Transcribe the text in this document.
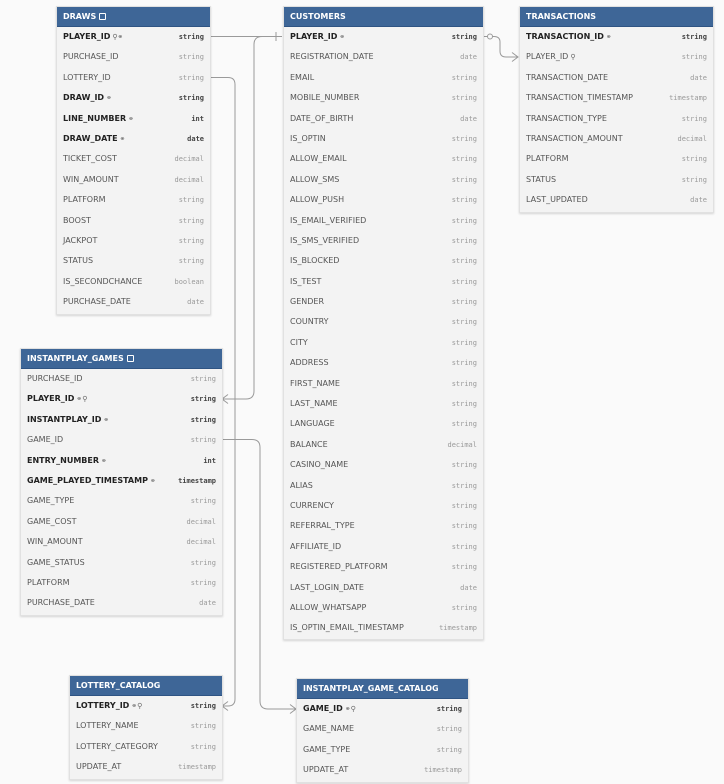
DRAWS
PLAYER_ID ⚲⚭	string
PURCHASE_ID	string
LOTTERY_ID	string
DRAW_ID ⚭	string
LINE_NUMBER ⚭	int
DRAW_DATE ⚭	date
TICKET_COST	decimal
WIN_AMOUNT	decimal
PLATFORM	string
BOOST	string
JACKPOT	string
STATUS	string
IS_SECONDCHANCE	boolean
PURCHASE_DATE	date
CUSTOMERS
PLAYER_ID ⚭	string
REGISTRATION_DATE	date
EMAIL	string
MOBILE_NUMBER	string
DATE_OF_BIRTH	date
IS_OPTIN	string
ALLOW_EMAIL	string
ALLOW_SMS	string
ALLOW_PUSH	string
IS_EMAIL_VERIFIED	string
IS_SMS_VERIFIED	string
IS_BLOCKED	string
IS_TEST	string
GENDER	string
COUNTRY	string
CITY	string
ADDRESS	string
FIRST_NAME	string
LAST_NAME	string
LANGUAGE	string
BALANCE	decimal
CASINO_NAME	string
ALIAS	string
CURRENCY	string
REFERRAL_TYPE	string
AFFILIATE_ID	string
REGISTERED_PLATFORM	string
LAST_LOGIN_DATE	date
ALLOW_WHATSAPP	string
IS_OPTIN_EMAIL_TIMESTAMP	timestamp
TRANSACTIONS
TRANSACTION_ID ⚭	string
PLAYER_ID ⚲	string
TRANSACTION_DATE	date
TRANSACTION_TIMESTAMP	timestamp
TRANSACTION_TYPE	string
TRANSACTION_AMOUNT	decimal
PLATFORM	string
STATUS	string
LAST_UPDATED	date
INSTANTPLAY_GAMES
PURCHASE_ID	string
PLAYER_ID ⚭⚲	string
INSTANTPLAY_ID ⚭	string
GAME_ID	string
ENTRY_NUMBER ⚭	int
GAME_PLAYED_TIMESTAMP ⚭	timestamp
GAME_TYPE	string
GAME_COST	decimal
WIN_AMOUNT	decimal
GAME_STATUS	string
PLATFORM	string
PURCHASE_DATE	date
LOTTERY_CATALOG
LOTTERY_ID ⚭⚲	string
LOTTERY_NAME	string
LOTTERY_CATEGORY	string
UPDATE_AT	timestamp
INSTANTPLAY_GAME_CATALOG
GAME_ID ⚭⚲	string
GAME_NAME	string
GAME_TYPE	string
UPDATE_AT	timestamp
